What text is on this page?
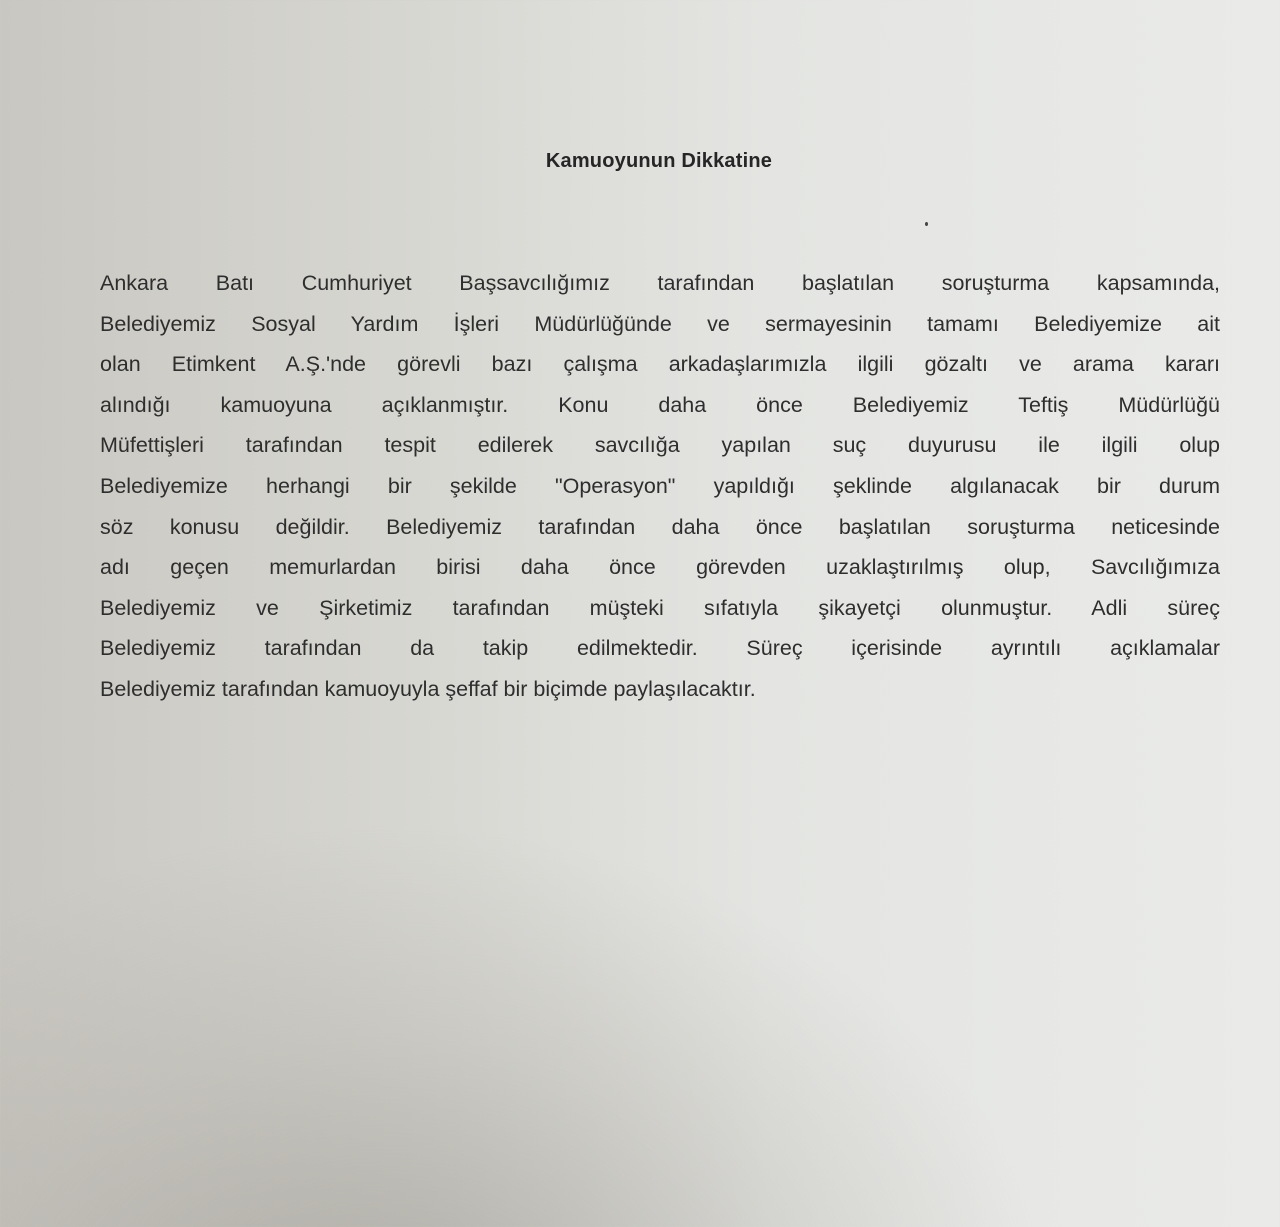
Kamuoyunun Dikkatine
Ankara Batı Cumhuriyet Başsavcılığımız tarafından başlatılan soruşturma kapsamında,
Belediyemiz Sosyal Yardım İşleri Müdürlüğünde ve sermayesinin tamamı Belediyemize ait
olan Etimkent A.Ş.'nde görevli bazı çalışma arkadaşlarımızla ilgili gözaltı ve arama kararı
alındığı kamuoyuna açıklanmıştır. Konu daha önce Belediyemiz Teftiş Müdürlüğü
Müfettişleri tarafından tespit edilerek savcılığa yapılan suç duyurusu ile ilgili olup
Belediyemize herhangi bir şekilde "Operasyon" yapıldığı şeklinde algılanacak bir durum
söz konusu değildir. Belediyemiz tarafından daha önce başlatılan soruşturma neticesinde
adı geçen memurlardan birisi daha önce görevden uzaklaştırılmış olup, Savcılığımıza
Belediyemiz ve Şirketimiz tarafından müşteki sıfatıyla şikayetçi olunmuştur. Adli süreç
Belediyemiz tarafından da takip edilmektedir. Süreç içerisinde ayrıntılı açıklamalar
Belediyemiz tarafından kamuoyuyla şeffaf bir biçimde paylaşılacaktır.
